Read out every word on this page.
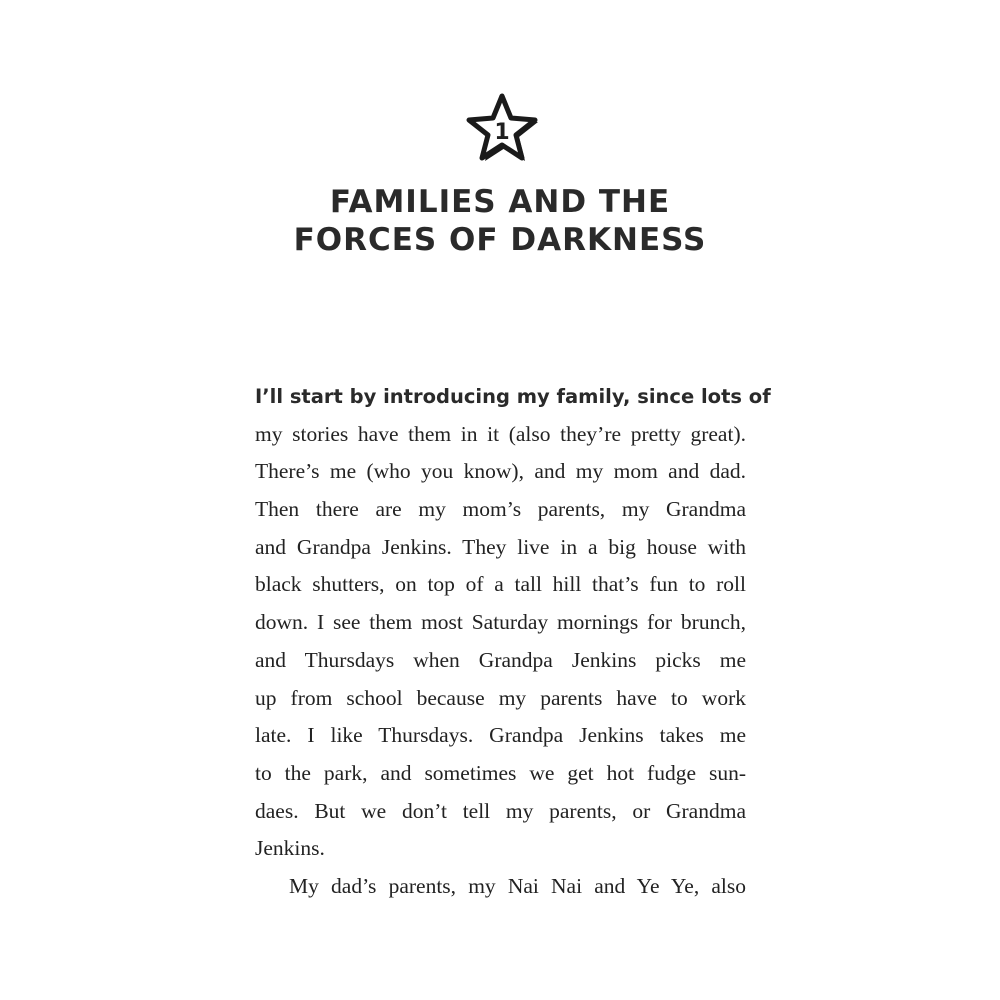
1
FAMILIES AND THE
FORCES OF DARKNESS
I’ll start by introducing my family, since lots of
my stories have them in it (also they’re pretty great).
There’s me (who you know), and my mom and dad.
Then there are my mom’s parents, my Grandma
and Grandpa Jenkins. They live in a big house with
black shutters, on top of a tall hill that’s fun to roll
down. I see them most Saturday mornings for brunch,
and Thursdays when Grandpa Jenkins picks me
up from school because my parents have to work
late. I like Thursdays. Grandpa Jenkins takes me
to the park, and sometimes we get hot fudge sun-
daes. But we don’t tell my parents, or Grandma
Jenkins.
My dad’s parents, my Nai Nai and Ye Ye, also
